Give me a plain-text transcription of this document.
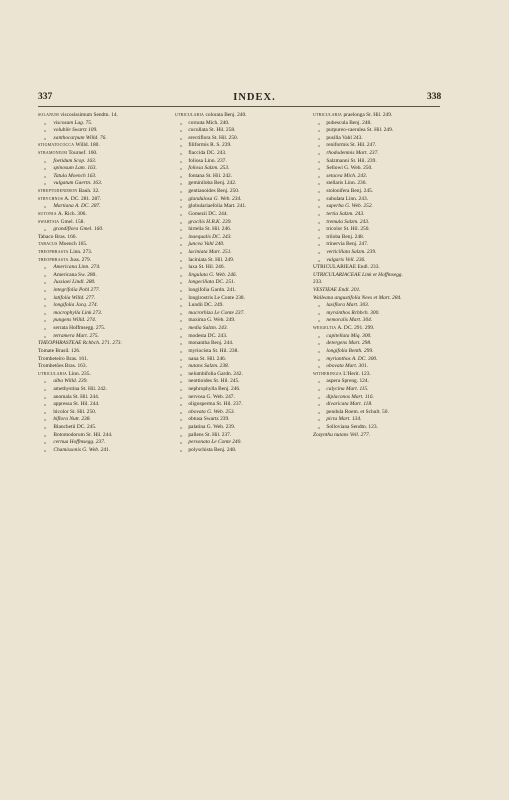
337	INDEX.	338
SOLANUM viscosissimum Sendtn. 14.
„ viscosum Lag. 75.
„ volubile Swartz 109.
„ xanthocarpum Willd. 76.
STIGMATOCOCCA Willd. 180.
STRAMONIUM Tournef. 160.
„ foetidum Scop. 163.
„ spinosum Lam. 163.
„ Tatula Moench 163.
„ vulgatum Gaertn. 163.
STREPTODENDRON Bauh. 32.
STRYCHNOS A. DC. 281. 287.
„ Martiana A. DC. 287.
SUTONIA A. Rich. 306.
SWARTSIA Gmel. 158.
„ grandiflora Gmel. 160.
Tabaco Bras. 166.
TABACUS Moench 165.
THEOPHRASTA Linn. 273.
THEOPHRASTA Juss. 279.
„ Americana Linn. 274.
„ Americana Sw. 280.
„ Jussiaei Lindl. 280.
„ integrifolia Pohl 277.
„ latifolia Willd. 277.
„ longifolia Jacq. 274.
„ macrophylla Link 273.
„ pungens Willd. 274.
„ serrata Hoffmsegg. 275.
„ tetramera Mart. 275.
THEOPHRASTEAE Rchbch. 271. 273.
Tomate Brasil. 126.
Trombeteiro Bras. 161.
Trombetões Bras. 163.
UTRICULARIA Linn. 235.
„ alba Willd. 239.
„ amethystina St. Hil. 242.
„ anomala St. Hil. 244.
„ appressa St. Hil. 244.
„ bicolor St. Hil. 250.
„ biflora Nutt. 238.
„ Blanchetii DC. 245.
„ Botomodorum St. Hil. 244.
„ cernua Hoffmsegg. 237.
„ Chamissonis G. Web. 241.
UTRICULARIA colorata Benj. 240.
„ cornuta Mich. 240.
„ cucullata St. Hil. 258.
„ erectiflora St. Hil. 250.
„ filiformis R. S. 239.
„ flaccida DC. 243.
„ foliosa Linn. 237.
„ foliosa Salzm. 253.
„ fontana St. Hil. 242.
„ geminiloba Benj. 242.
„ gentianoides Benj. 250.
„ glandulosa G. Web. 234.
„ globulariaefolia Mart. 241.
„ Gomezii DC. 244.
„ gracilis H.B.K. 239.
„ hirtella St. Hil. 246.
„ inaequalis DC. 243.
„ juncea Vahl 240.
„ laciniata Mart. 251.
„ laciniata St. Hil. 249.
„ laxa St. Hil. 246.
„ lingulata G. Web. 246.
„ longeciliata DC. 251.
„ longifolia Gardn. 241.
„ longirostris Le Conte 238.
„ Lundii DC. 249.
„ macrorhiza Le Conte 237.
„ maxima G. Web. 249.
„ media Salzm. 243.
„ modesta DC. 243.
„ monantha Benj. 244.
„ myriocista St. Hil. 238.
„ nana St. Hil. 246.
„ nutans Salzm. 238.
„ nelumbifolia Gardn. 242.
„ neottioides St. Hil. 245.
„ nephrophylla Benj. 246.
„ nervosa G. Web. 247.
„ oligosperma St. Hil. 237.
„ obovata G. Web. 253.
„ obtusa Swartz 239.
„ palatina G. Web. 239.
„ pallens St. Hil. 237.
„ personata Le Conte 240.
„ polyschista Benj. 248.
UTRICULARIA praelonga St. Hil. 249.
„ pubescula Benj. 248.
„ purpureo-caerulea St. Hil. 249.
„ pusilla Vahl 243.
„ reniformis St. Hil. 247.
„ rhododenmis Mart. 237.
„ Salzmanni St. Hil. 239.
„ Sellowi G. Web. 250.
„ setacea Mich. 243.
„ stellaris Linn. 236.
„ stolonifera Benj. 245.
„ subulata Linn. 243.
„ superba G. Web. 252.
„ tertia Salzm. 243.
„ tremula Salzm. 243.
„ tricolor St. Hil. 250.
„ triloba Benj. 248.
„ trinervia Benj. 247.
„ verticillata Salzm. 239.
„ vulgaris Vell. 236.
UTRICULARIEAE Endl. 233.
UTRICULARIACEAE Link et Hoffmsegg.
233.
VESTIEAE Endl. 201.
Walleana angustifolia Nees et Mart. 284.
„ laxiflora Mart. 303.
„ myrsinthos Rchbch. 300.
„ nemoralis Mart. 304.
WEIGELTIA A. DC. 291. 299.
„ capitellata Miq. 300.
„ detergens Mart. 298.
„ longifolia Benth. 299.
„ myrianthos A. DC. 300.
„ obovata Mart. 301.
WITHERINGIA L'Herit. 123.
„ aspera Spreng. 124.
„ calycina Mart. 115.
„ diplaconos Mart. 116.
„ divaricata Mart. 118.
„ pendula Roem. et Schult. 50.
„ picta Mart. 134.
„ Solloviana Sendtn. 123.
Zozynthu nutans Vell. 277.
